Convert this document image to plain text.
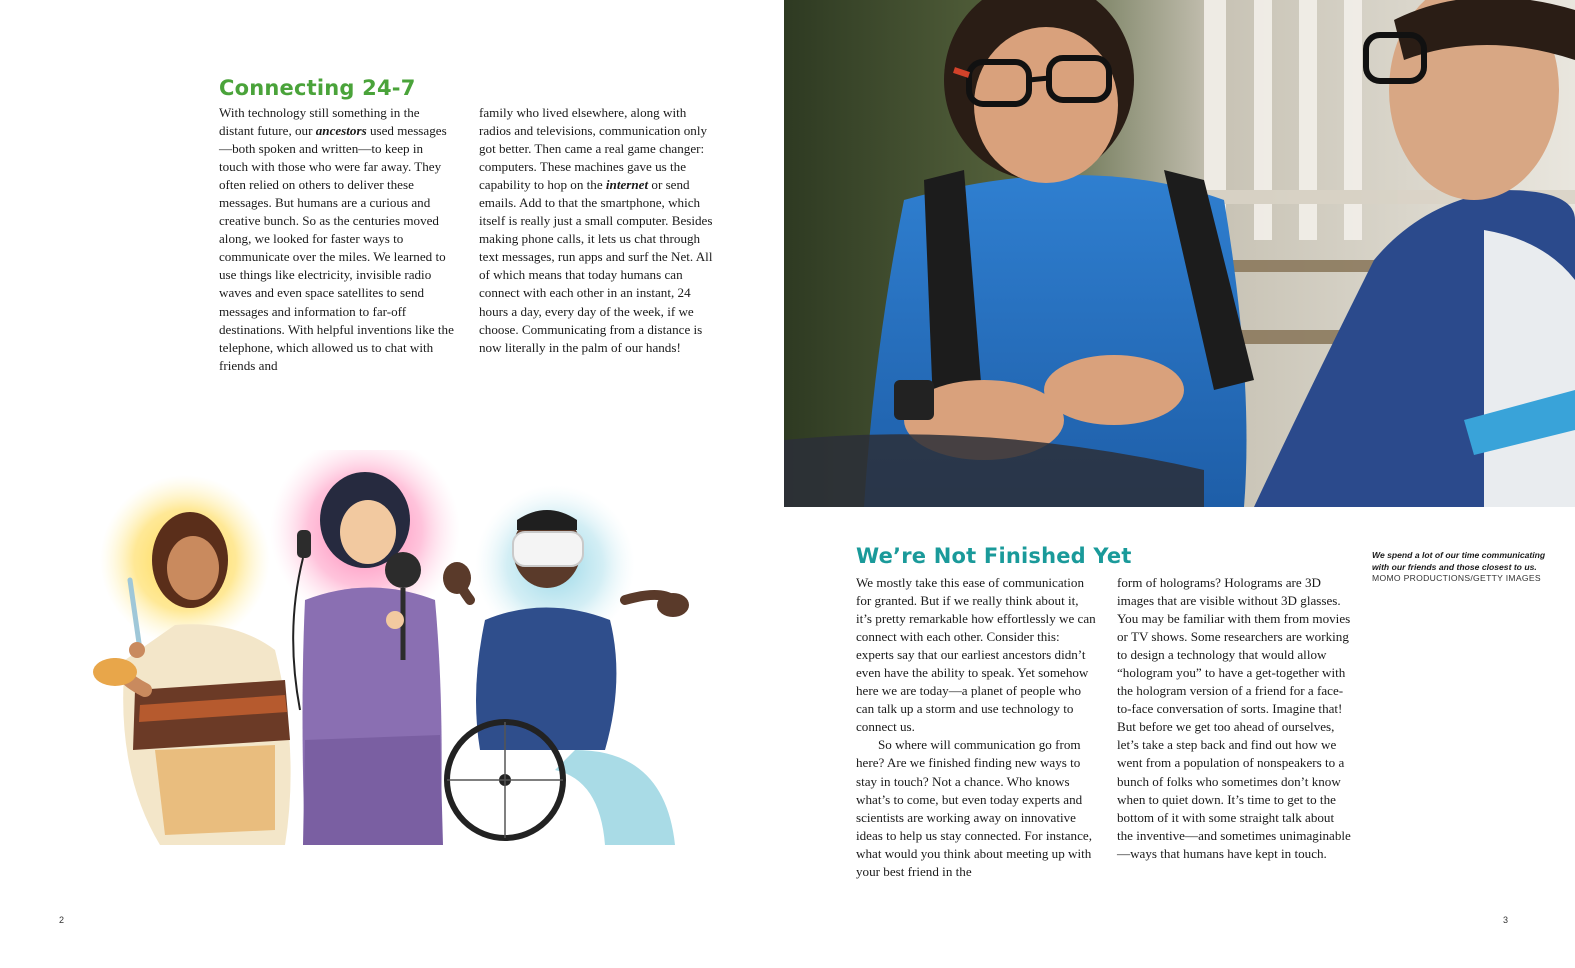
Connecting 24-7

With technology still something in the distant future, our ancestors used messages—both spoken and written—to keep in touch with those who were far away. They often relied on others to deliver these messages. But humans are a curious and creative bunch. So as the centuries moved along, we looked for faster ways to communicate over the miles. We learned to use things like electricity, invisible radio waves and even space satellites to send messages and information to far-off destinations. With helpful inventions like the telephone, which allowed us to chat with friends and

family who lived elsewhere, along with radios and televisions, communication only got better. Then came a real game changer: computers. These machines gave us the capability to hop on the internet or send emails. Add to that the smartphone, which itself is really just a small computer. Besides making phone calls, it lets us chat through text messages, run apps and surf the Net. All of which means that today humans can connect with each other in an instant, 24 hours a day, every day of the week, if we choose. Communicating from a distance is now literally in the palm of our hands!

We’re Not Finished Yet

We mostly take this ease of communication for granted. But if we really think about it, it’s pretty remarkable how effortlessly we can connect with each other. Consider this: experts say that our earliest ancestors didn’t even have the ability to speak. Yet somehow here we are today—a planet of people who can talk up a storm and use technology to connect us.

So where will communication go from here? Are we finished finding new ways to stay in touch? Not a chance. Who knows what’s to come, but even today experts and scientists are working away on innovative ideas to help us stay connected. For instance, what would you think about meeting up with your best friend in the

form of holograms? Holograms are 3D images that are visible without 3D glasses. You may be familiar with them from movies or TV shows. Some researchers are working to design a technology that would allow “hologram you” to have a get-together with the hologram version of a friend for a face-to-face conversation of sorts. Imagine that! But before we get too ahead of ourselves, let’s take a step back and find out how we went from a population of nonspeakers to a bunch of folks who sometimes don’t know when to quiet down. It’s time to get to the bottom of it with some straight talk about the inventive—and sometimes unimaginable—ways that humans have kept in touch.

We spend a lot of our time communicating with our friends and those closest to us.
MOMO PRODUCTIONS/GETTY IMAGES
2	3
